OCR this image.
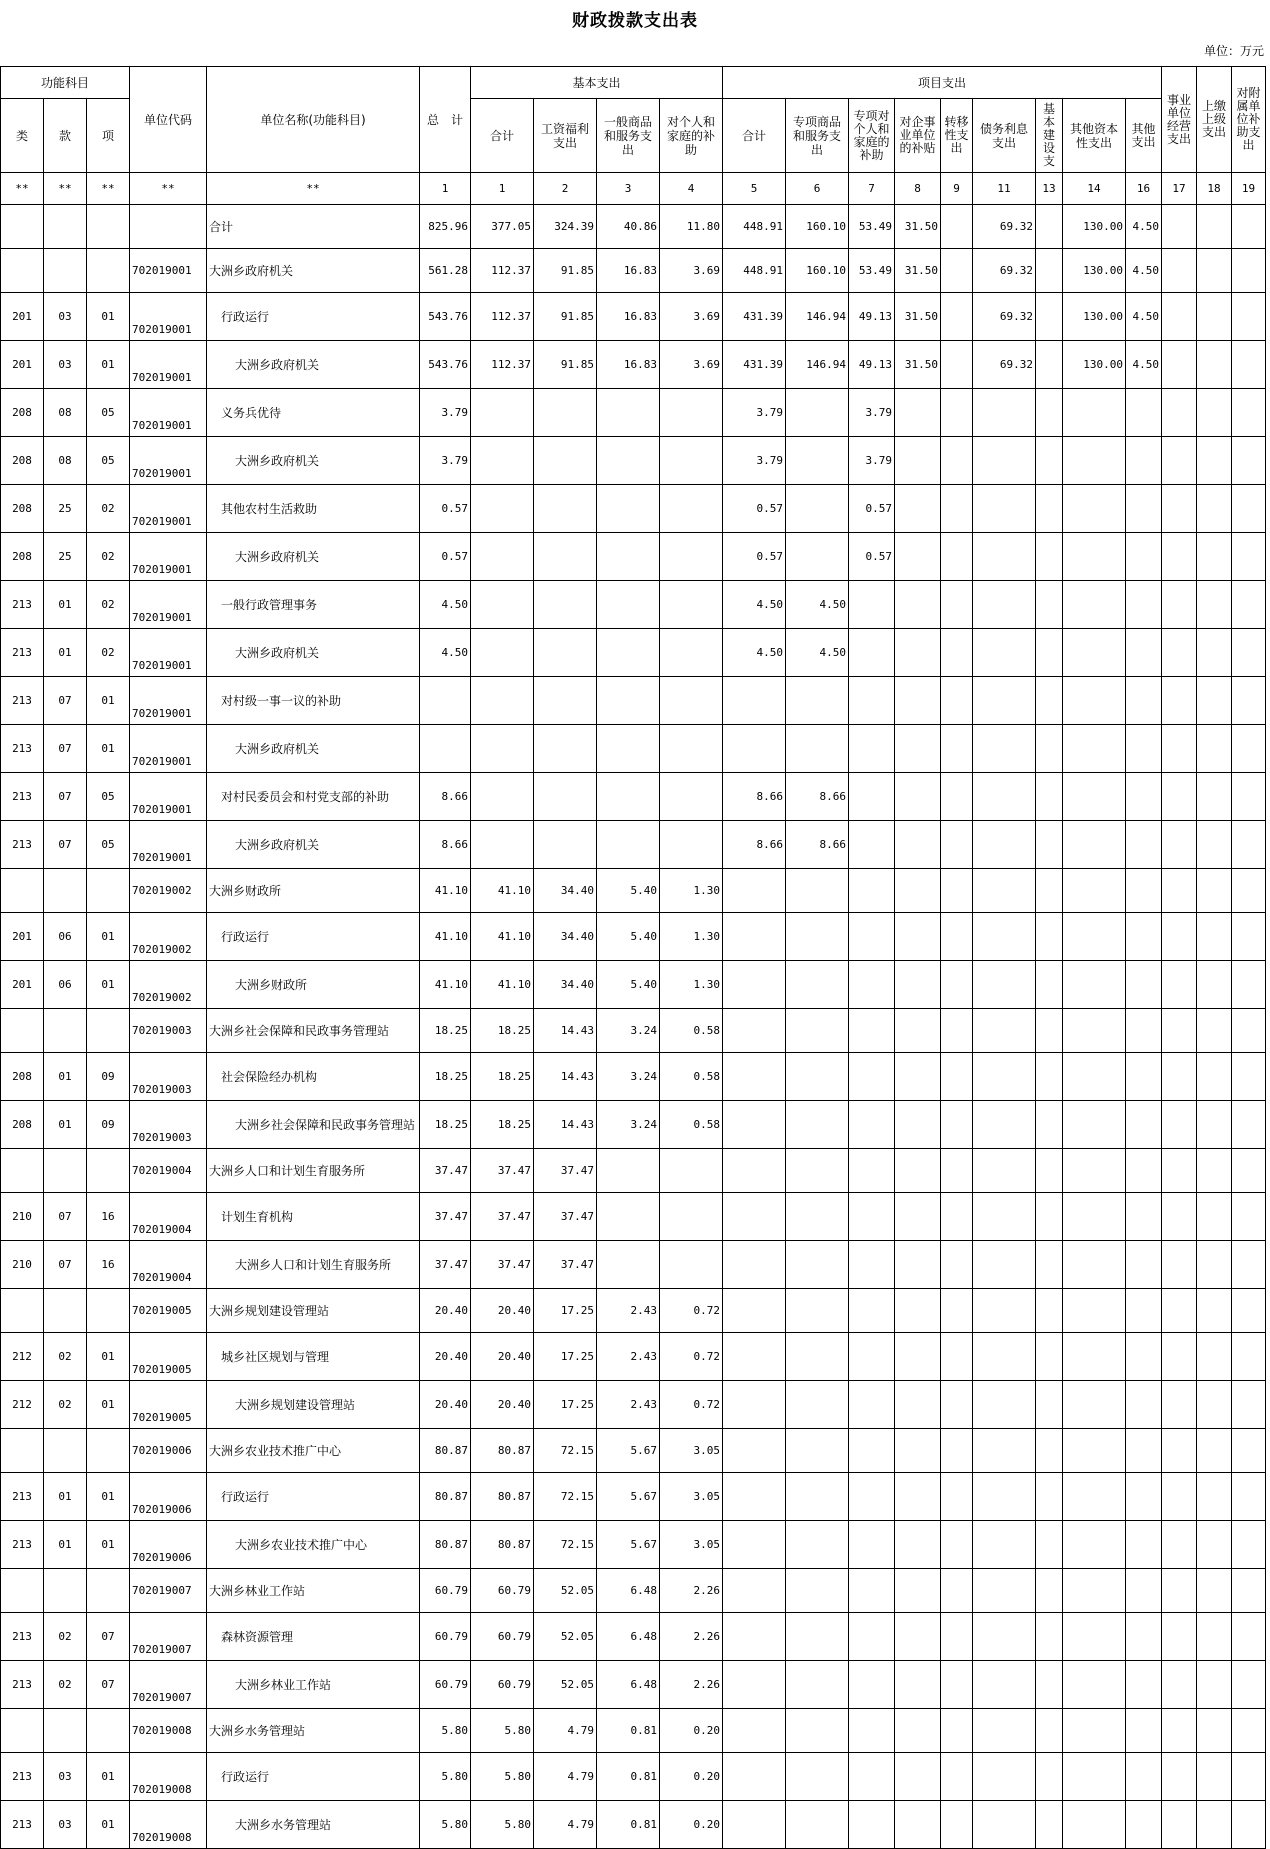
财政拨款支出表
单位：万元
功能科目			单位代码	单位名称(功能科目)	总　计	基本支出				项目支出									事业单位经营支出	上缴上级支出	对附属单位补助支出
类	款	项				合计	工资福利支出	一般商品和服务支出	对个人和家庭的补助	合计	专项商品和服务支出	专项对个人和家庭的补助	对企事业单位的补贴	转移性支出	债务利息支出	基本建设支	其他资本性支出	其他支出			
**	**	**	**	**	1	1	2	3	4	5	6	7	8	9	11	13	14	16	17	18	19
				合计	825.96	377.05	324.39	40.86	11.80	448.91	160.10	53.49	31.50		69.32		130.00	4.50			
			702019001	大洲乡政府机关	561.28	112.37	91.85	16.83	3.69	448.91	160.10	53.49	31.50		69.32		130.00	4.50			
201	03	01	702019001	行政运行	543.76	112.37	91.85	16.83	3.69	431.39	146.94	49.13	31.50		69.32		130.00	4.50			
201	03	01	702019001	大洲乡政府机关	543.76	112.37	91.85	16.83	3.69	431.39	146.94	49.13	31.50		69.32		130.00	4.50			
208	08	05	702019001	义务兵优待	3.79					3.79		3.79									
208	08	05	702019001	大洲乡政府机关	3.79					3.79		3.79									
208	25	02	702019001	其他农村生活救助	0.57					0.57		0.57									
208	25	02	702019001	大洲乡政府机关	0.57					0.57		0.57									
213	01	02	702019001	一般行政管理事务	4.50					4.50	4.50										
213	01	02	702019001	大洲乡政府机关	4.50					4.50	4.50										
213	07	01	702019001	对村级一事一议的补助																	
213	07	01	702019001	大洲乡政府机关																	
213	07	05	702019001	对村民委员会和村党支部的补助	8.66					8.66	8.66										
213	07	05	702019001	大洲乡政府机关	8.66					8.66	8.66										
			702019002	大洲乡财政所	41.10	41.10	34.40	5.40	1.30												
201	06	01	702019002	行政运行	41.10	41.10	34.40	5.40	1.30												
201	06	01	702019002	大洲乡财政所	41.10	41.10	34.40	5.40	1.30												
			702019003	大洲乡社会保障和民政事务管理站	18.25	18.25	14.43	3.24	0.58												
208	01	09	702019003	社会保险经办机构	18.25	18.25	14.43	3.24	0.58												
208	01	09	702019003	大洲乡社会保障和民政事务管理站	18.25	18.25	14.43	3.24	0.58												
			702019004	大洲乡人口和计划生育服务所	37.47	37.47	37.47														
210	07	16	702019004	计划生育机构	37.47	37.47	37.47														
210	07	16	702019004	大洲乡人口和计划生育服务所	37.47	37.47	37.47														
			702019005	大洲乡规划建设管理站	20.40	20.40	17.25	2.43	0.72												
212	02	01	702019005	城乡社区规划与管理	20.40	20.40	17.25	2.43	0.72												
212	02	01	702019005	大洲乡规划建设管理站	20.40	20.40	17.25	2.43	0.72												
			702019006	大洲乡农业技术推广中心	80.87	80.87	72.15	5.67	3.05												
213	01	01	702019006	行政运行	80.87	80.87	72.15	5.67	3.05												
213	01	01	702019006	大洲乡农业技术推广中心	80.87	80.87	72.15	5.67	3.05												
			702019007	大洲乡林业工作站	60.79	60.79	52.05	6.48	2.26												
213	02	07	702019007	森林资源管理	60.79	60.79	52.05	6.48	2.26												
213	02	07	702019007	大洲乡林业工作站	60.79	60.79	52.05	6.48	2.26												
			702019008	大洲乡水务管理站	5.80	5.80	4.79	0.81	0.20												
213	03	01	702019008	行政运行	5.80	5.80	4.79	0.81	0.20												
213	03	01	702019008	大洲乡水务管理站	5.80	5.80	4.79	0.81	0.20												
